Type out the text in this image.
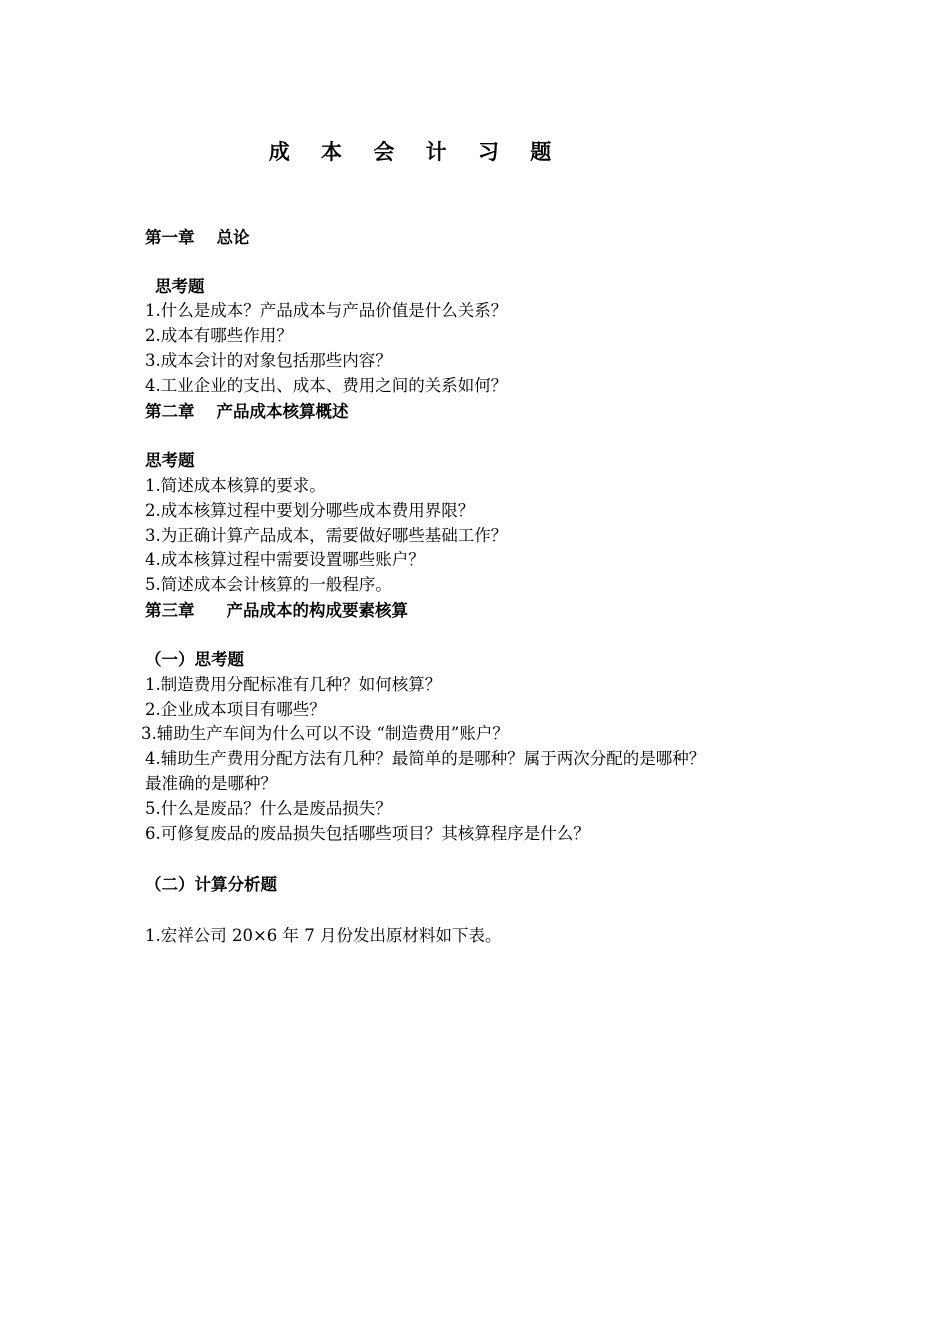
成 本 会 计 习 题
第一章 总论
思考题
1.什么是成本？产品成本与产品价值是什么关系？
2.成本有哪些作用？
3.成本会计的对象包括那些内容？
4.工业企业的支出、成本、费用之间的关系如何？
第二章 产品成本核算概述
思考题
1.简述成本核算的要求。
2.成本核算过程中要划分哪些成本费用界限？
3.为正确计算产品成本，需要做好哪些基础工作？
4.成本核算过程中需要设置哪些账户？
5.简述成本会计核算的一般程序。
第三章 产品成本的构成要素核算
（一）思考题
1.制造费用分配标准有几种？如何核算？
2.企业成本项目有哪些？
3.辅助生产车间为什么可以不设 “制造费用”账户？
4.辅助生产费用分配方法有几种？最简单的是哪种？属于两次分配的是哪种？
最准确的是哪种？
5.什么是废品？什么是废品损失？
6.可修复废品的废品损失包括哪些项目？其核算程序是什么？
（二）计算分析题
1.宏祥公司 20×6 年 7 月份发出原材料如下表。
